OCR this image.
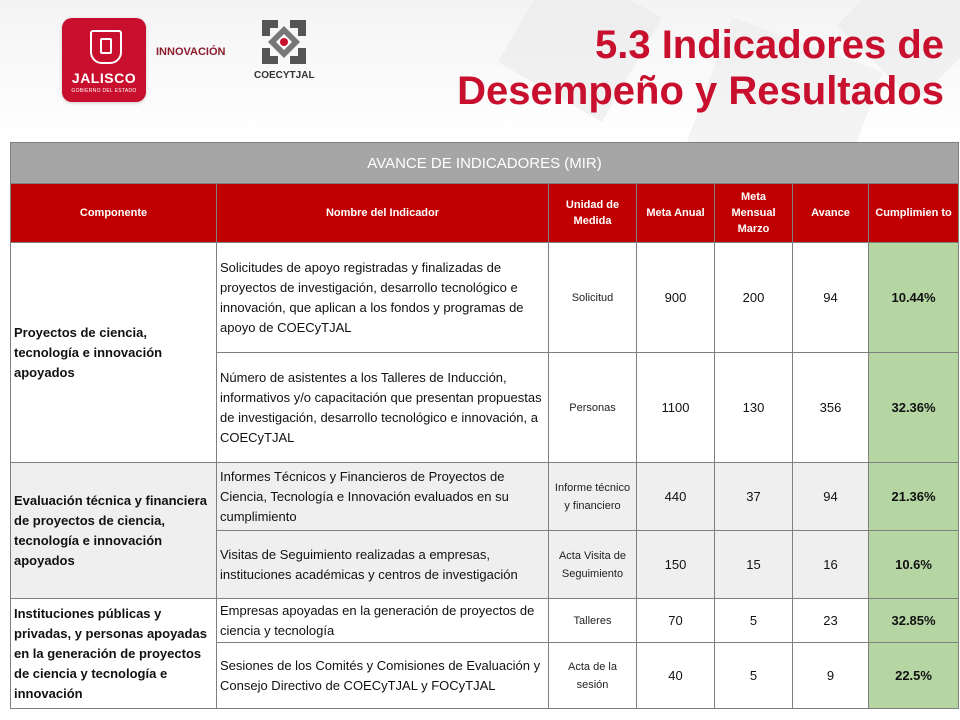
JALISCO
GOBIERNO DEL ESTADO
INNOVACIÓN
COECYTJAL
5.3 Indicadores de
Desempeño y Resultados
AVANCE DE INDICADORES (MIR)						
Componente	Nombre del Indicador	Unidad de Medida	Meta Anual	Meta Mensual Marzo	Avance	Cumplimien to
Proyectos de ciencia, tecnología e innovación apoyados	Solicitudes de apoyo registradas y finalizadas de proyectos de investigación, desarrollo tecnológico e innovación, que aplican a los fondos y programas de apoyo de COECyTJAL	Solicitud	900	200	94	10.44%
	Número de asistentes a los Talleres de Inducción, informativos y/o capacitación que presentan propuestas de investigación, desarrollo tecnológico e innovación, a COECyTJAL	Personas	1100	130	356	32.36%
Evaluación técnica y financiera de proyectos de ciencia, tecnología e innovación apoyados	Informes Técnicos y Financieros de Proyectos de Ciencia, Tecnología e Innovación evaluados en su cumplimiento	Informe técnico y financiero	440	37	94	21.36%
	Visitas de Seguimiento realizadas a empresas, instituciones académicas y centros de investigación	Acta Visita de Seguimiento	150	15	16	10.6%
Instituciones públicas y privadas, y personas apoyadas en la generación de proyectos de ciencia y tecnología e innovación	Empresas apoyadas en la generación de proyectos de ciencia y tecnología	Talleres	70	5	23	32.85%
	Sesiones de los Comités y Comisiones de Evaluación y Consejo Directivo de COECyTJAL y FOCyTJAL	Acta de la sesión	40	5	9	22.5%
